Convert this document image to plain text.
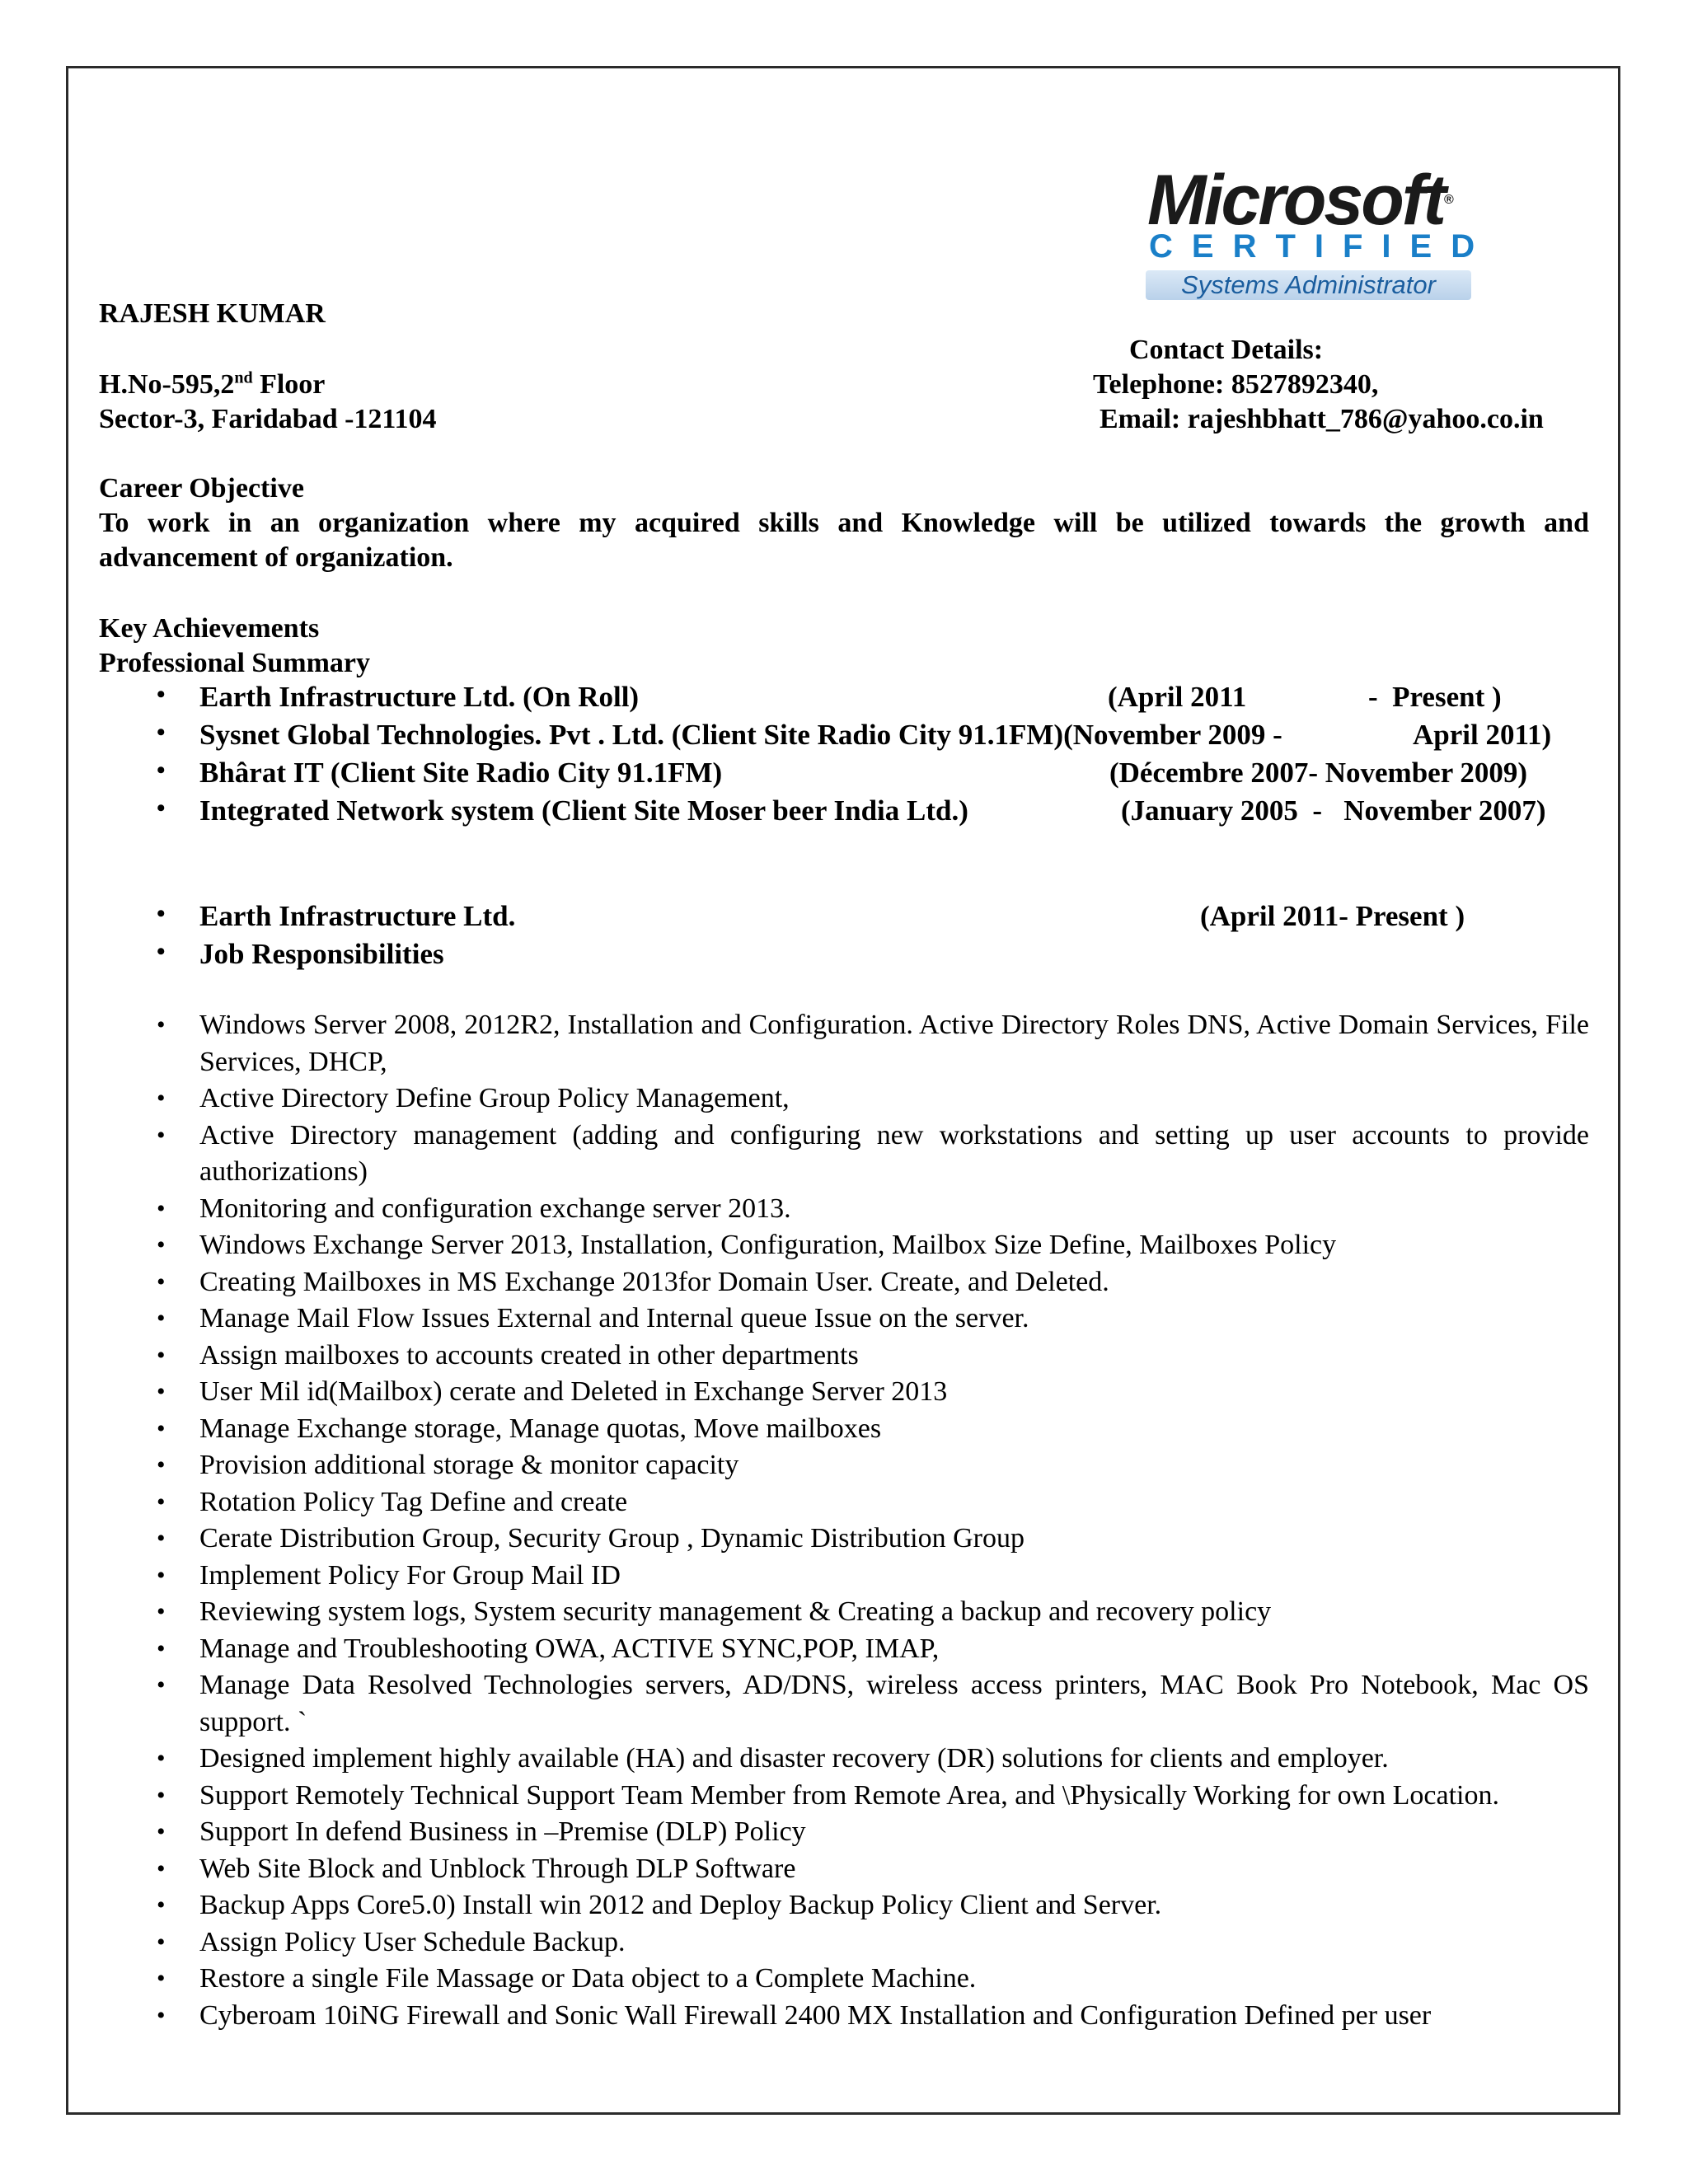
Microsoft®
CERTIFIED
Systems Administrator
RAJESH KUMAR
H.No-595,2nd Floor
Sector-3, Faridabad -121104
Contact Details:
Telephone: 8527892340,
Email: rajeshbhatt_786@yahoo.co.in
Career Objective
To work in an organization where my acquired skills and Knowledge will be utilized towards the growth and
advancement of organization.
Key Achievements
Professional Summary
• Earth Infrastructure Ltd. (On Roll)	(April 2011	-  Present )
• Sysnet Global Technologies. Pvt . Ltd. (Client Site Radio City 91.1FM)(November 2009 -	April 2011)
• Bhârat IT (Client Site Radio City 91.1FM)	(Décembre 2007- November 2009)
• Integrated Network system (Client Site Moser beer India Ltd.)	(January 2005  -   November 2007)
• Earth Infrastructure Ltd.	(April 2011- Present )
• Job Responsibilities
• Windows Server 2008, 2012R2, Installation and Configuration. Active Directory Roles DNS, Active Domain Services, File Services, DHCP,
• Active Directory Define Group Policy Management,
• Active Directory management (adding and configuring new workstations and setting up user accounts to provide authorizations)
• Monitoring and configuration exchange server 2013.
• Windows Exchange Server 2013, Installation, Configuration, Mailbox Size Define, Mailboxes Policy
• Creating Mailboxes in MS Exchange 2013for Domain User. Create, and Deleted.
• Manage Mail Flow Issues External and Internal queue Issue on the server.
• Assign mailboxes to accounts created in other departments
• User Mil id(Mailbox) cerate and Deleted in Exchange Server 2013
• Manage Exchange storage, Manage quotas, Move mailboxes
• Provision additional storage & monitor capacity
• Rotation Policy Tag Define and create
• Cerate Distribution Group, Security Group , Dynamic Distribution Group
• Implement Policy For Group Mail ID
• Reviewing system logs, System security management & Creating a backup and recovery policy
• Manage and Troubleshooting OWA, ACTIVE SYNC,POP, IMAP,
• Manage Data Resolved Technologies servers, AD/DNS, wireless access printers, MAC Book Pro Notebook, Mac OS support. `
• Designed implement highly available (HA) and disaster recovery (DR) solutions for clients and employer.
• Support Remotely Technical Support Team Member from Remote Area, and \Physically Working for own Location.
• Support In defend Business in –Premise (DLP) Policy
• Web Site Block and Unblock Through DLP Software
• Backup Apps Core5.0) Install win 2012 and Deploy Backup Policy Client and Server.
• Assign Policy User Schedule Backup.
• Restore a single File Massage or Data object to a Complete Machine.
• Cyberoam 10iNG Firewall and Sonic Wall Firewall 2400 MX Installation and Configuration Defined per user
